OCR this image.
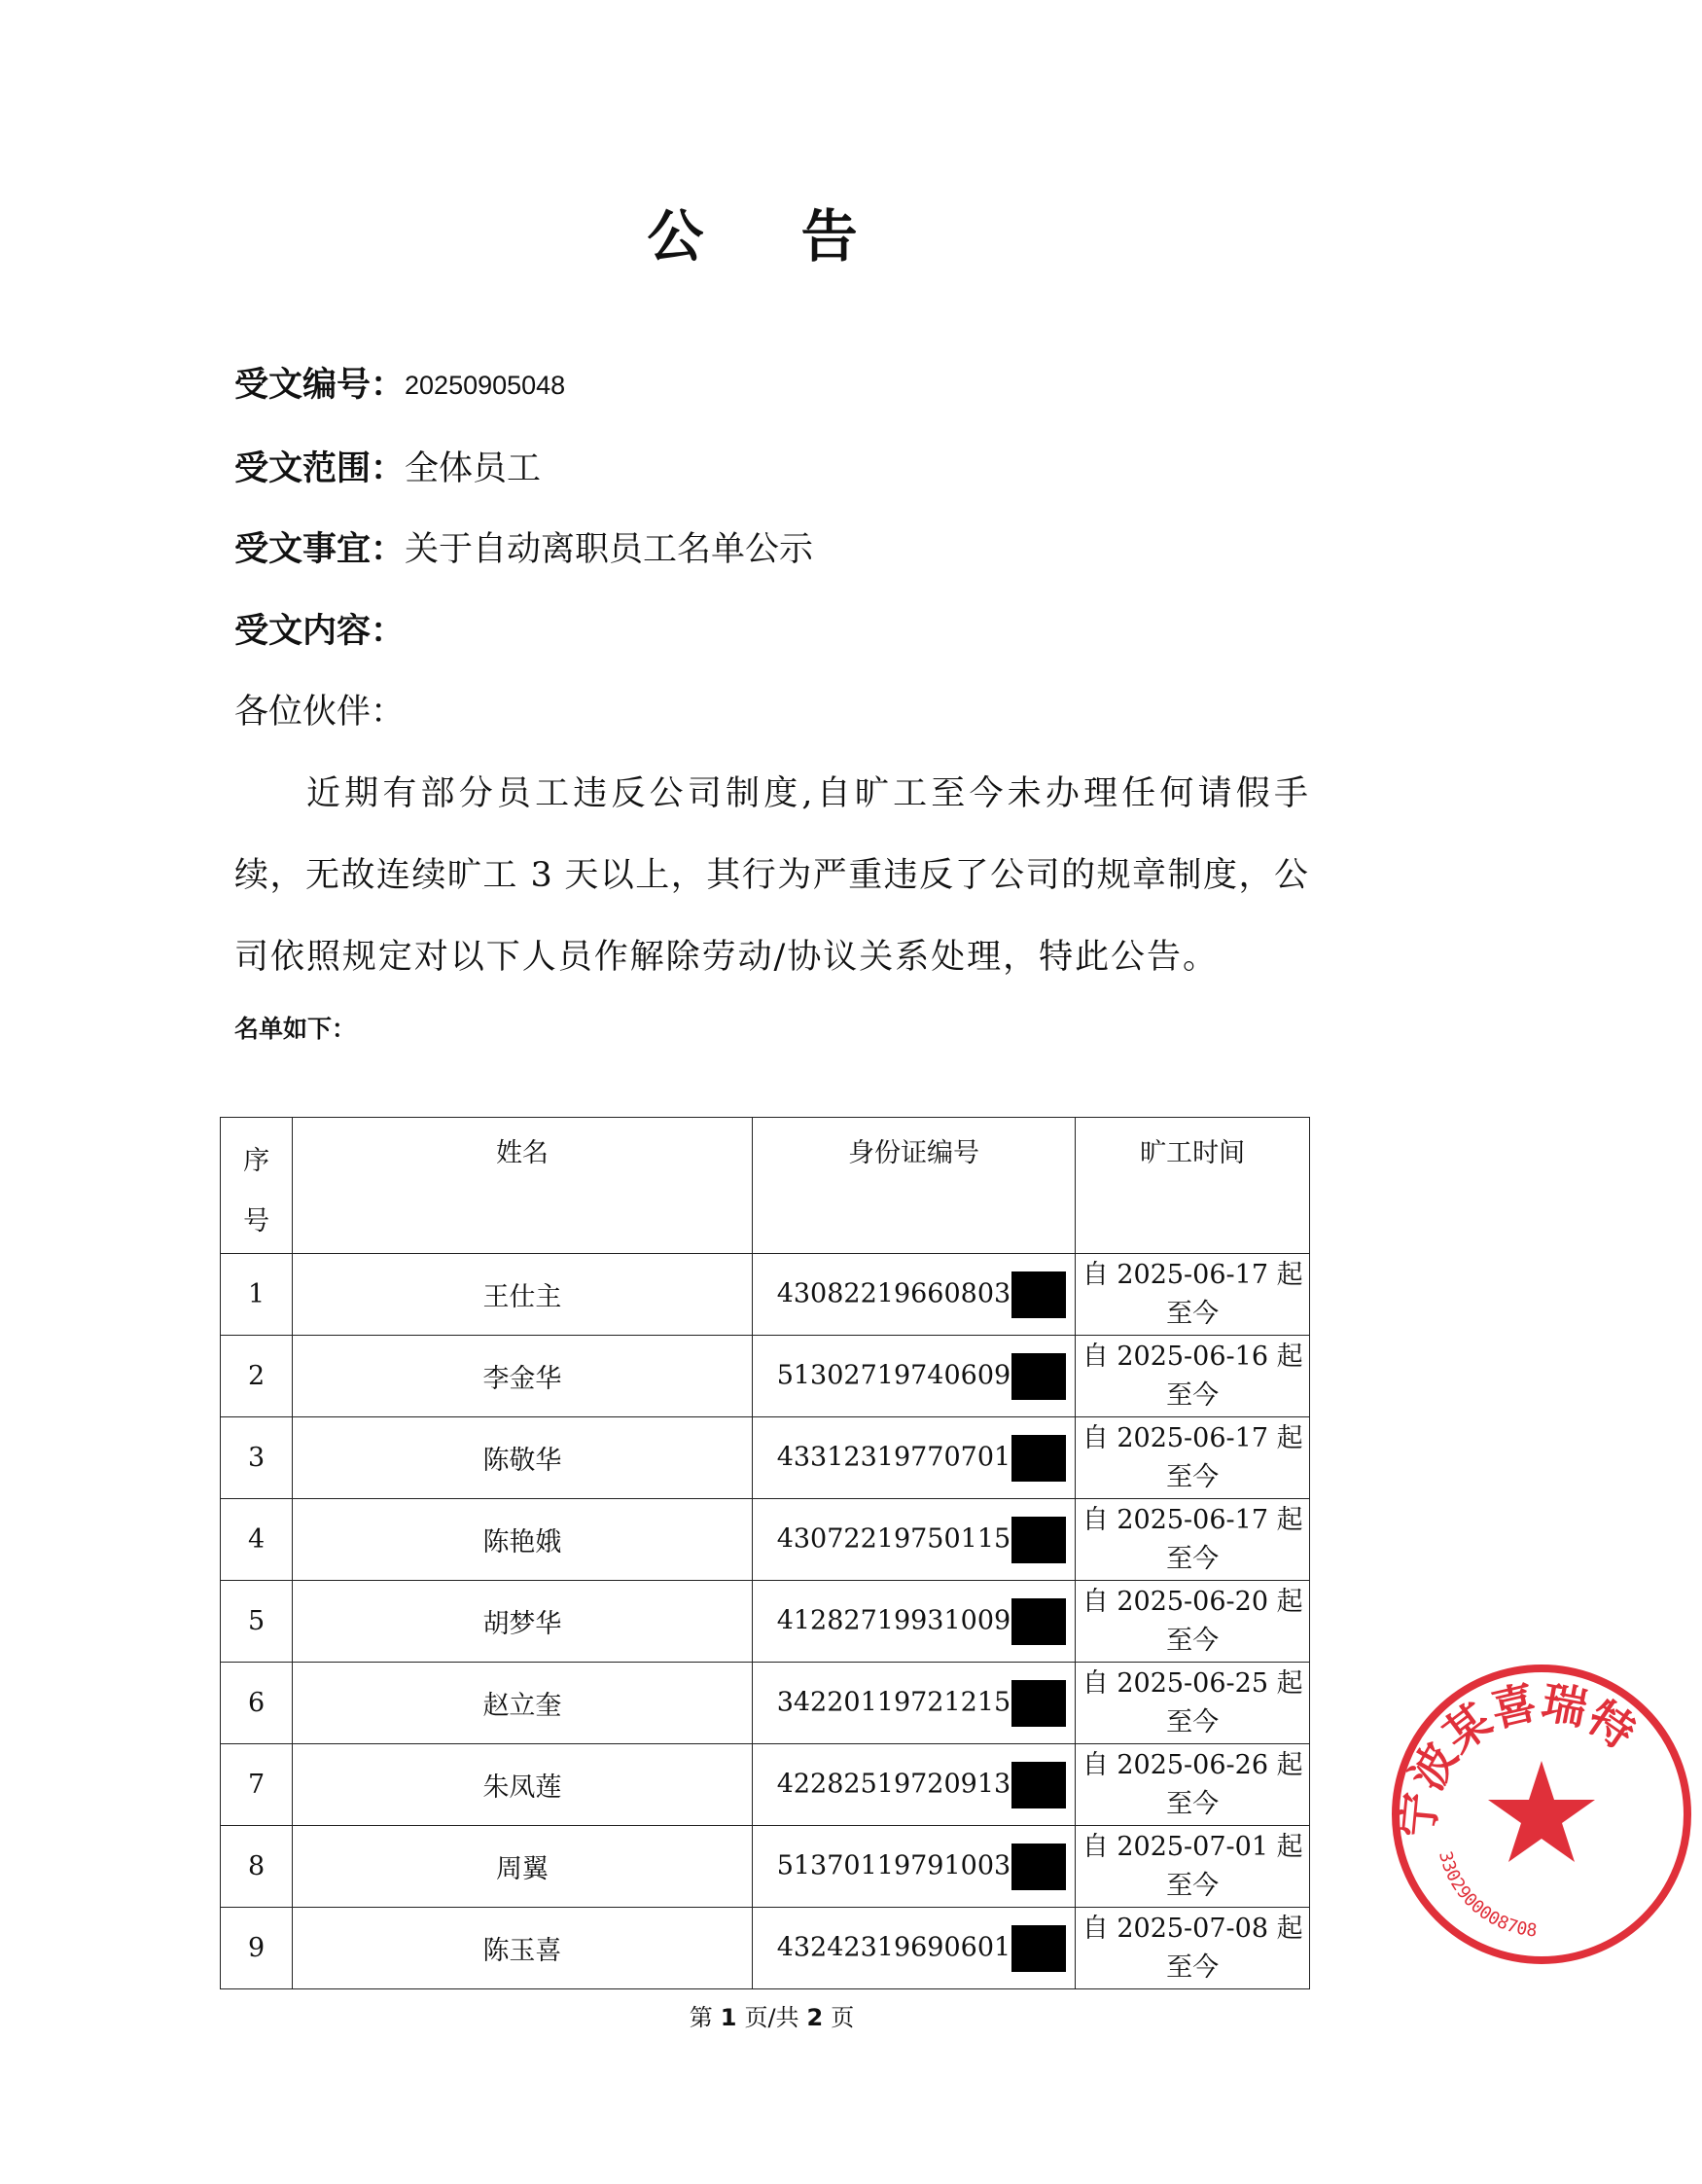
公 告
受文编号：20250905048
受文范围：全体员工
受文事宜：关于自动离职员工名单公示
受文内容：
各位伙伴：
近期有部分员工违反公司制度,自旷工至今未办理任何请假手
续，无故连续旷工 3 天以上，其行为严重违反了公司的规章制度，公
司依照规定对以下人员作解除劳动/协议关系处理，特此公告。
名单如下：
序
号	姓名	身份证编号	旷工时间
1	王仕主	43082219660803	自 2025-06-17 起
至今
2	李金华	51302719740609	自 2025-06-16 起
至今
3	陈敬华	43312319770701	自 2025-06-17 起
至今
4	陈艳娥	43072219750115	自 2025-06-17 起
至今
5	胡梦华	41282719931009	自 2025-06-20 起
至今
6	赵立奎	34220119721215	自 2025-06-25 起
至今
7	朱凤莲	42282519720913	自 2025-06-26 起
至今
8	周翼	51370119791003	自 2025-07-01 起
至今
9	陈玉喜	43242319690601	自 2025-07-08 起
至今
第 1 页/共 2 页
宁波某喜瑞特
3302900008708
